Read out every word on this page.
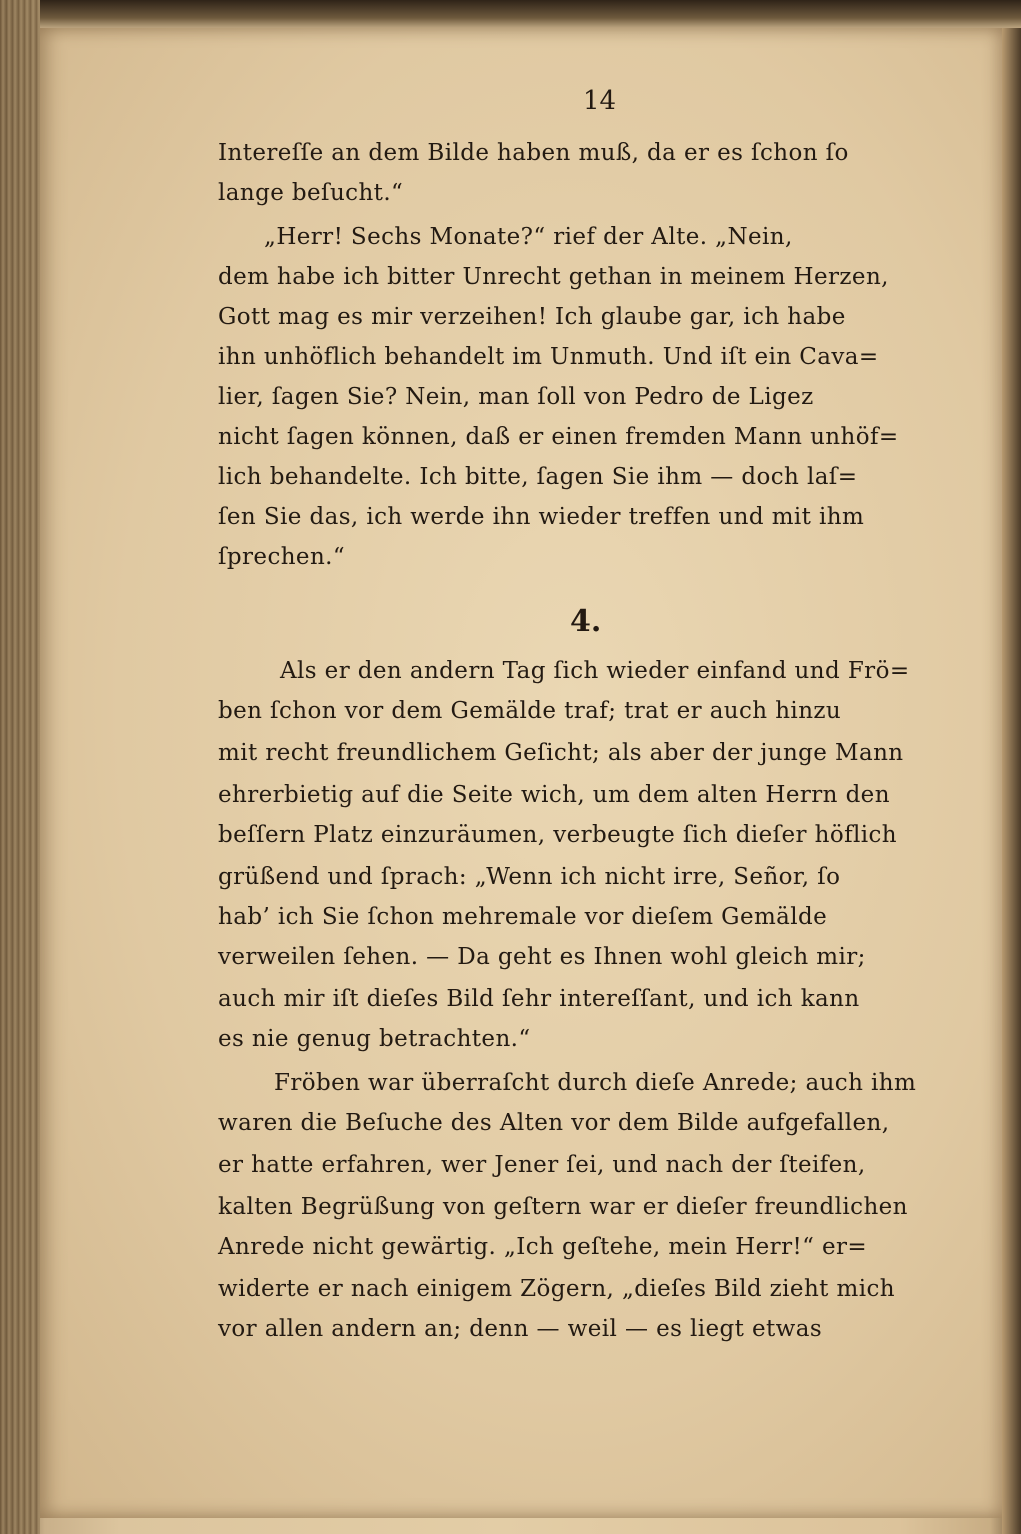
14
Intereſſe an dem Bilde haben muß, da er es ſchon ſo
lange beſucht.“
„Herr! Sechs Monate?“ rief der Alte. „Nein,
dem habe ich bitter Unrecht gethan in meinem Herzen,
Gott mag es mir verzeihen! Ich glaube gar, ich habe
ihn unhöflich behandelt im Unmuth. Und iſt ein Cava=
lier, ſagen Sie? Nein, man ſoll von Pedro de Ligez
nicht ſagen können, daß er einen fremden Mann unhöf=
lich behandelte. Ich bitte, ſagen Sie ihm — doch laſ=
ſen Sie das, ich werde ihn wieder treffen und mit ihm
ſprechen.“
Als er den andern Tag ſich wieder einfand und Frö=
ben ſchon vor dem Gemälde traf; trat er auch hinzu
mit recht freundlichem Geſicht; als aber der junge Mann
ehrerbietig auf die Seite wich, um dem alten Herrn den
beſſern Platz einzuräumen, verbeugte ſich dieſer höflich
grüßend und ſprach: „Wenn ich nicht irre, Señor, ſo
hab’ ich Sie ſchon mehremale vor dieſem Gemälde
verweilen ſehen. — Da geht es Ihnen wohl gleich mir;
auch mir iſt dieſes Bild ſehr intereſſant, und ich kann
es nie genug betrachten.“
Fröben war überraſcht durch dieſe Anrede; auch ihm
waren die Beſuche des Alten vor dem Bilde aufgefallen,
er hatte erfahren, wer Jener ſei, und nach der ſteifen,
kalten Begrüßung von geſtern war er dieſer freundlichen
Anrede nicht gewärtig. „Ich geſtehe, mein Herr!“ er=
widerte er nach einigem Zögern, „dieſes Bild zieht mich
vor allen andern an; denn — weil — es liegt etwas
4.
